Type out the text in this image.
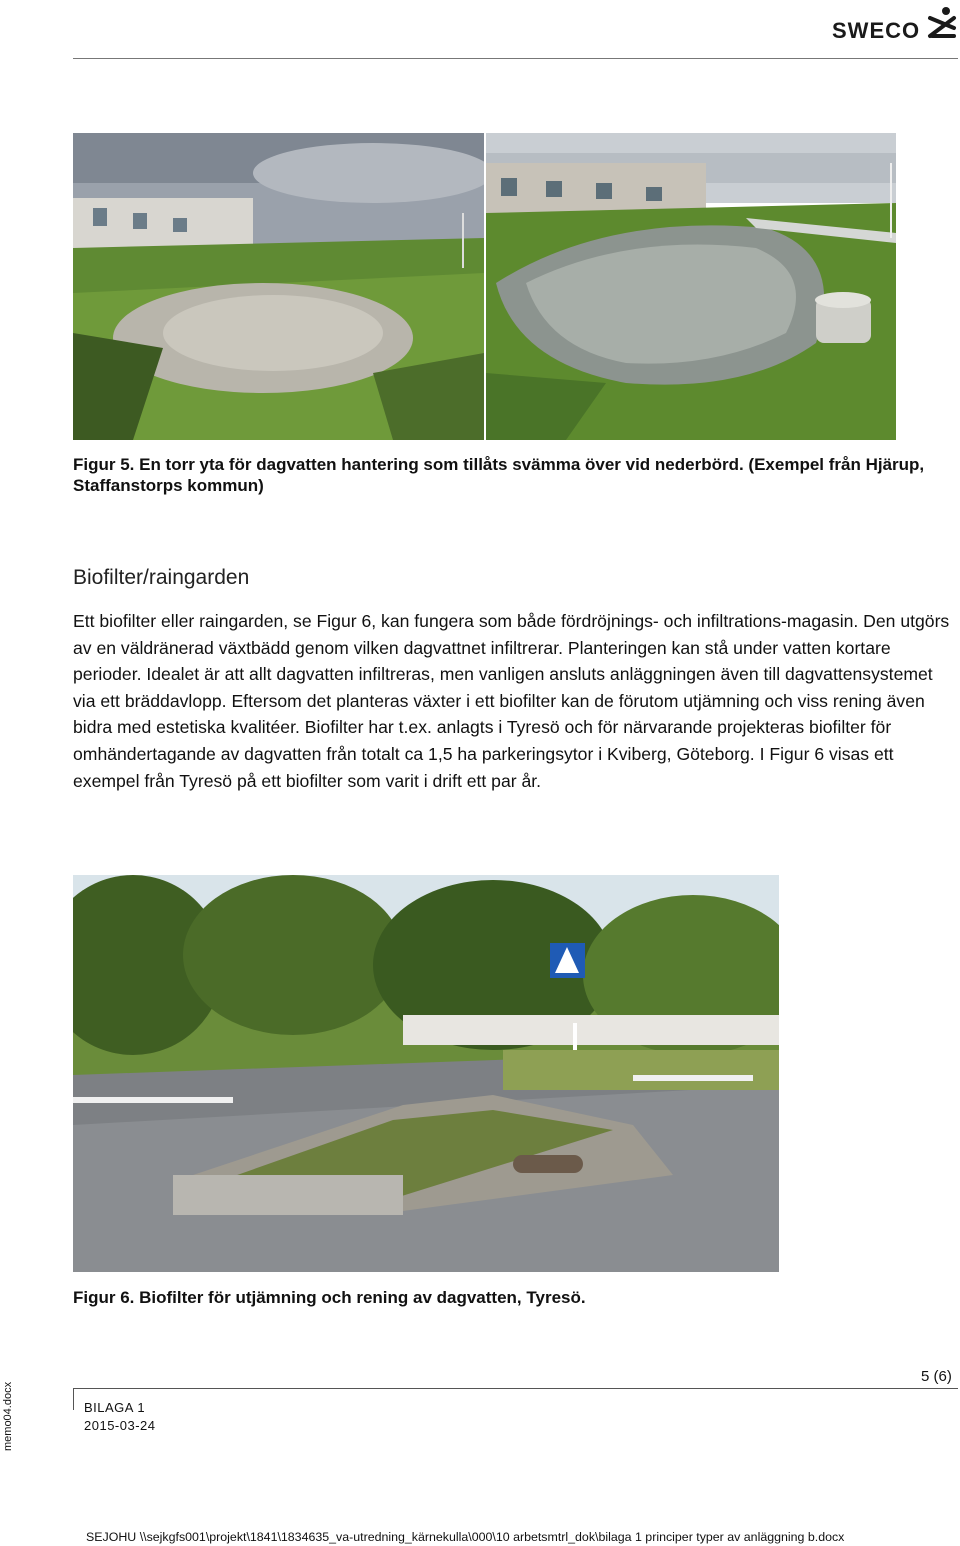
SWECO
Figur 5. En torr yta för dagvatten hantering som tillåts svämma över vid nederbörd. (Exempel från Hjärup, Staffanstorps kommun)
Biofilter/raingarden
Ett biofilter eller raingarden, se Figur 6, kan fungera som både fördröjnings- och infiltrations-magasin. Den utgörs av en väldränerad växtbädd genom vilken dagvattnet infiltrerar. Planteringen kan stå under vatten kortare perioder. Idealet är att allt dagvatten infiltreras, men vanligen ansluts anläggningen även till dagvattensystemet via ett bräddavlopp. Eftersom det planteras växter i ett biofilter kan de förutom utjämning och viss rening även bidra med estetiska kvalitéer. Biofilter har t.ex. anlagts i Tyresö och för närvarande projekteras biofilter för omhändertagande av dagvatten från totalt ca 1,5 ha parkeringsytor i Kviberg, Göteborg. I Figur 6 visas ett exempel från Tyresö på ett biofilter som varit i drift ett par år.
Figur 6. Biofilter för utjämning och rening av dagvatten, Tyresö.
5 (6)
BILAGA 1
2015-03-24
memo04.docx
SEJOHU \\sejkgfs001\projekt\1841\1834635_va-utredning_kärnekulla\000\10 arbetsmtrl_dok\bilaga 1 principer typer av anläggning b.docx
